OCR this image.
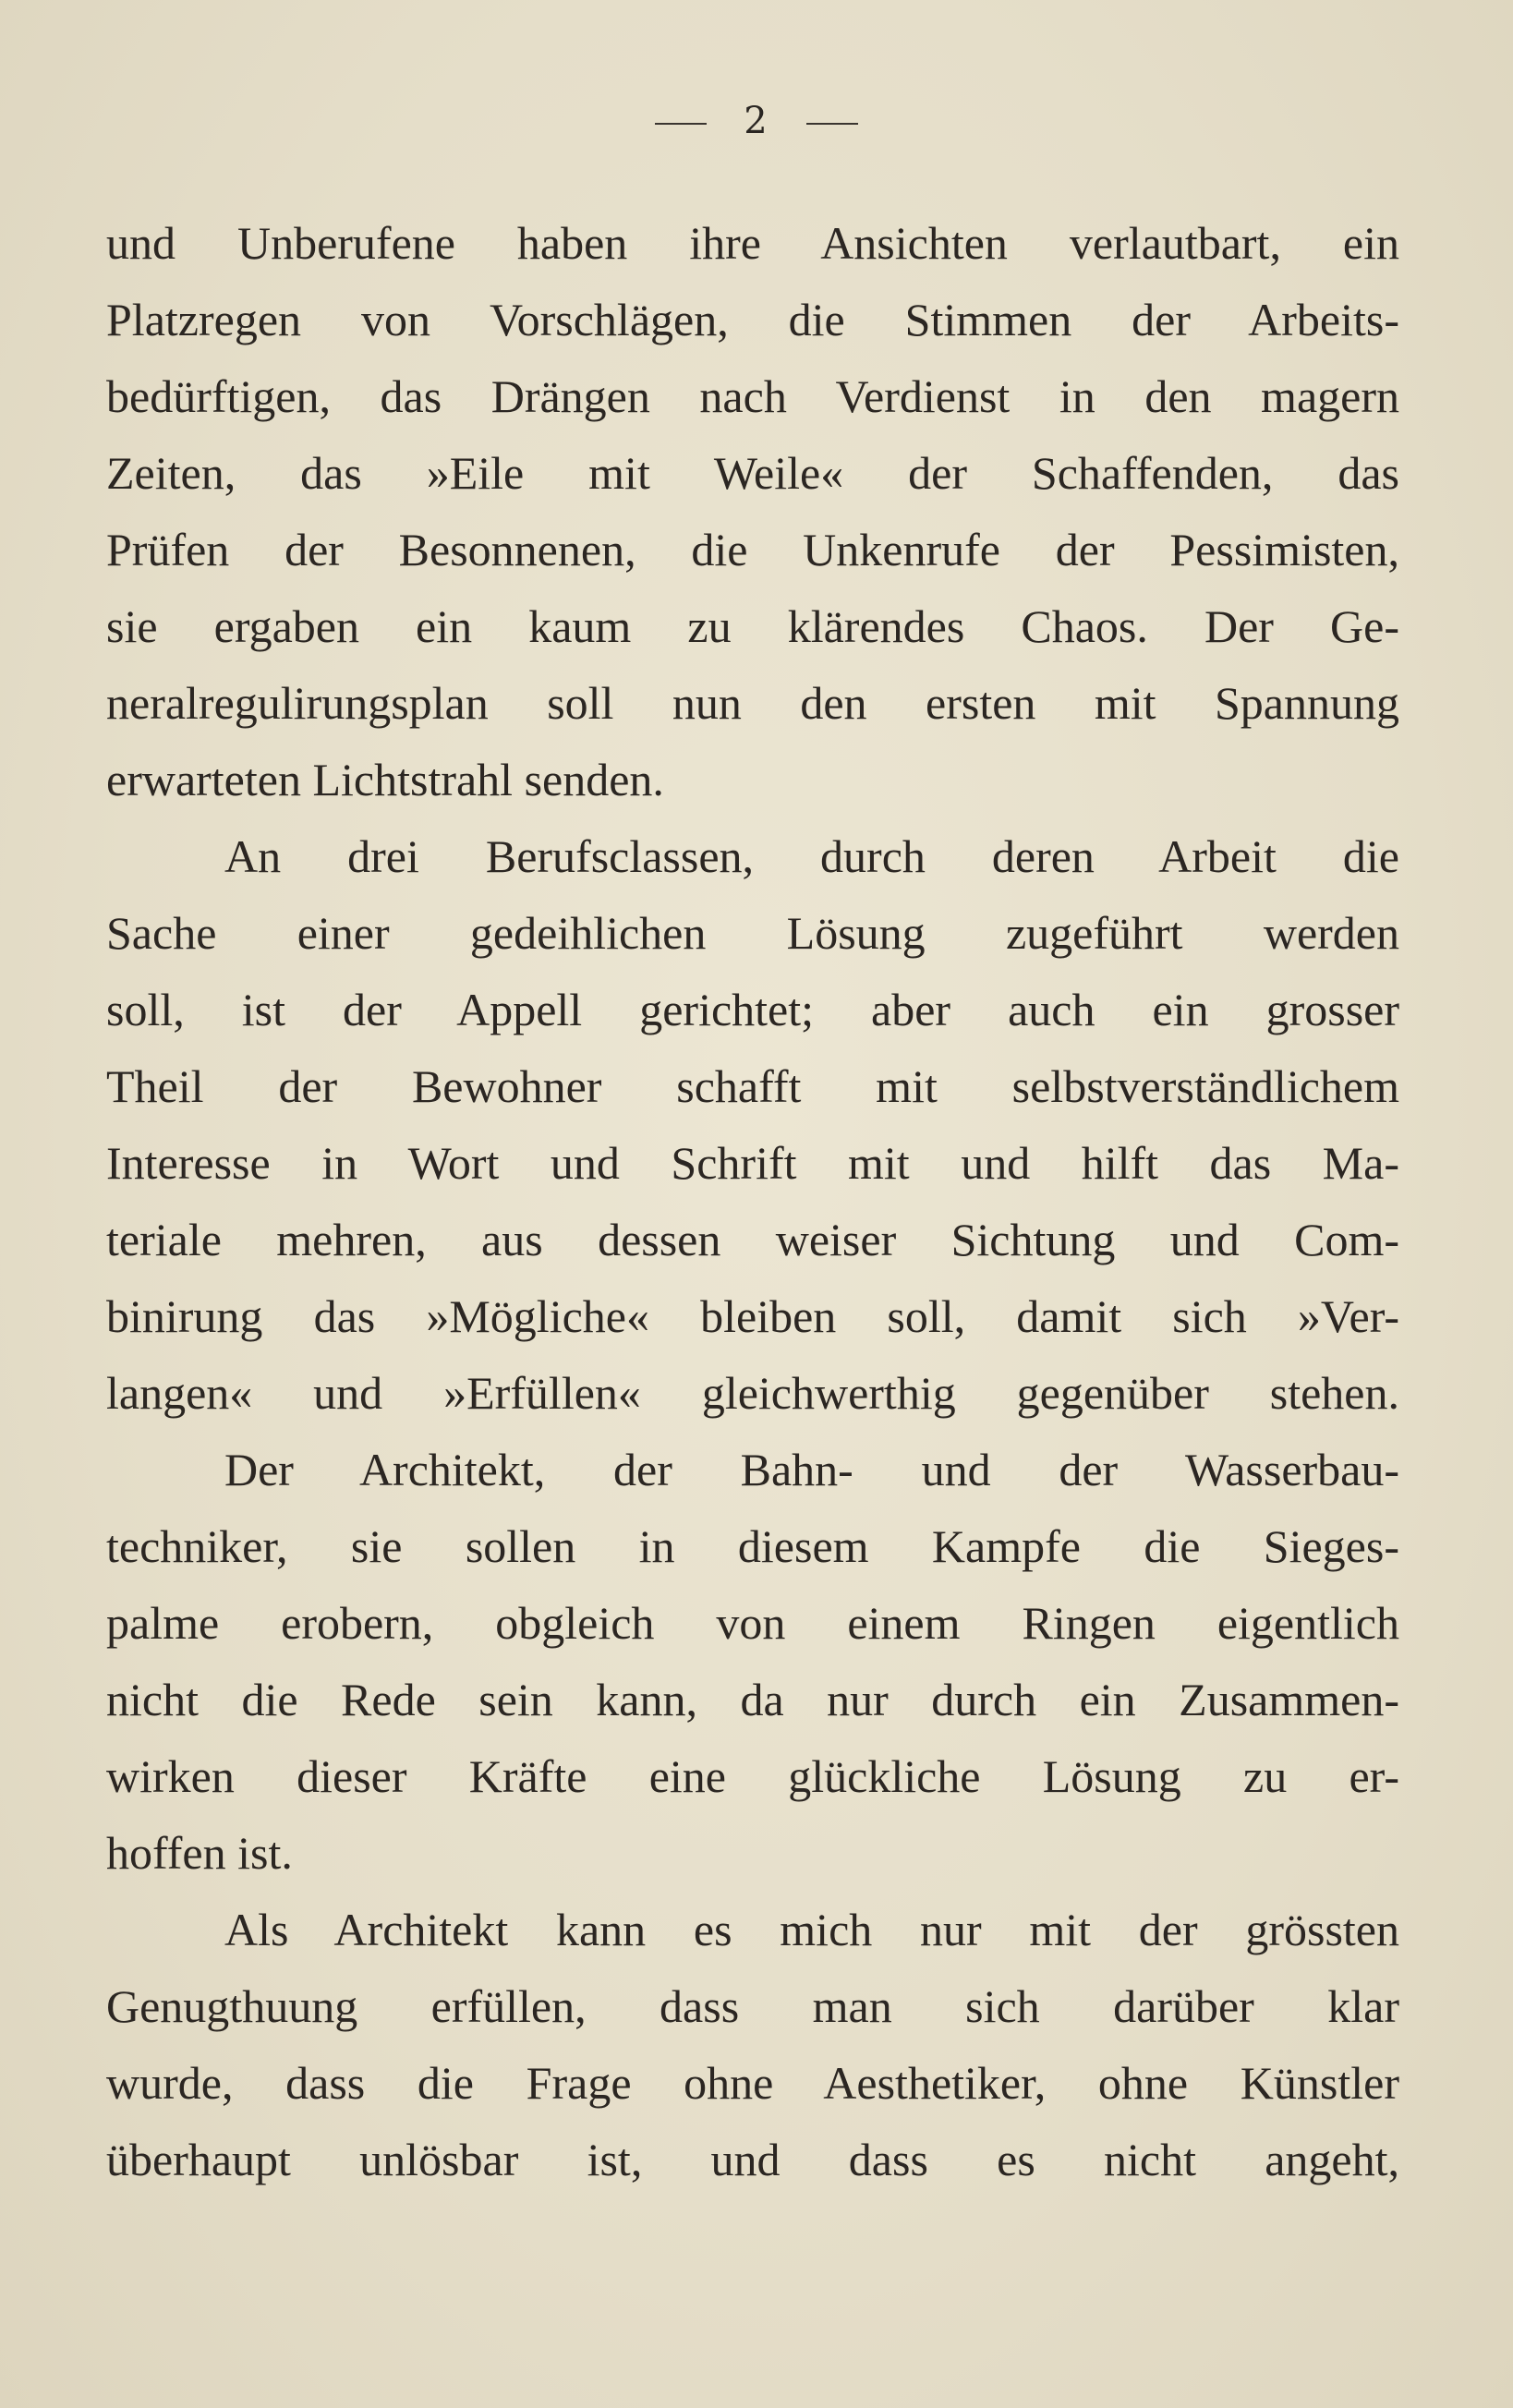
2
und Unberufene haben ihre Ansichten verlautbart, ein
Platzregen von Vorschlägen, die Stimmen der Arbeits-
bedürftigen, das Drängen nach Verdienst in den magern
Zeiten, das »Eile mit Weile« der Schaffenden, das
Prüfen der Besonnenen, die Unkenrufe der Pessimisten,
sie ergaben ein kaum zu klärendes Chaos. Der Ge-
neralregulirungsplan soll nun den ersten mit Spannung
erwarteten Lichtstrahl senden.
An drei Berufsclassen, durch deren Arbeit die
Sache einer gedeihlichen Lösung zugeführt werden
soll, ist der Appell gerichtet; aber auch ein grosser
Theil der Bewohner schafft mit selbstverständlichem
Interesse in Wort und Schrift mit und hilft das Ma-
teriale mehren, aus dessen weiser Sichtung und Com-
binirung das »Mögliche« bleiben soll, damit sich »Ver-
langen« und »Erfüllen« gleichwerthig gegenüber stehen.
Der Architekt, der Bahn- und der Wasserbau-
techniker, sie sollen in diesem Kampfe die Sieges-
palme erobern, obgleich von einem Ringen eigentlich
nicht die Rede sein kann, da nur durch ein Zusammen-
wirken dieser Kräfte eine glückliche Lösung zu er-
hoffen ist.
Als Architekt kann es mich nur mit der grössten
Genugthuung erfüllen, dass man sich darüber klar
wurde, dass die Frage ohne Aesthetiker, ohne Künstler
überhaupt unlösbar ist, und dass es nicht angeht,
